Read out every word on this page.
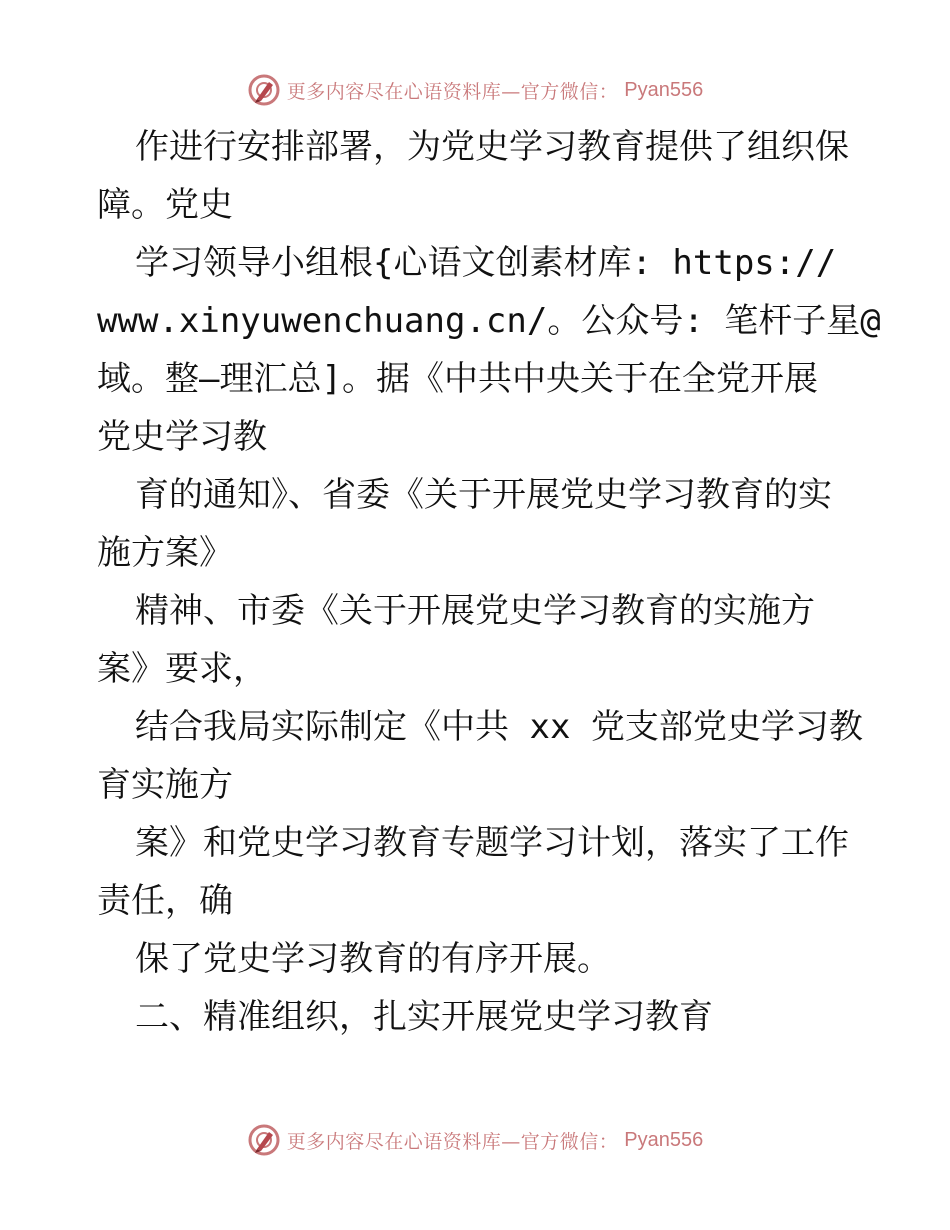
更多内容尽在心语资料库—官方微信： Pyan556
作进行安排部署，为党史学习教育提供了组织保
障。党史
学习领导小组根{心语文创素材库: https://
www.xinyuwenchuang.cn/。公众号: 笔杆子星@
域。整—理汇总]。据《中共中央关于在全党开展
党史学习教
育的通知》、省委《关于开展党史学习教育的实
施方案》
精神、市委《关于开展党史学习教育的实施方
案》要求，
结合我局实际制定《中共 xx 党支部党史学习教
育实施方
案》和党史学习教育专题学习计划，落实了工作
责任，确
保了党史学习教育的有序开展。
二、精准组织，扎实开展党史学习教育
更多内容尽在心语资料库—官方微信： Pyan556
